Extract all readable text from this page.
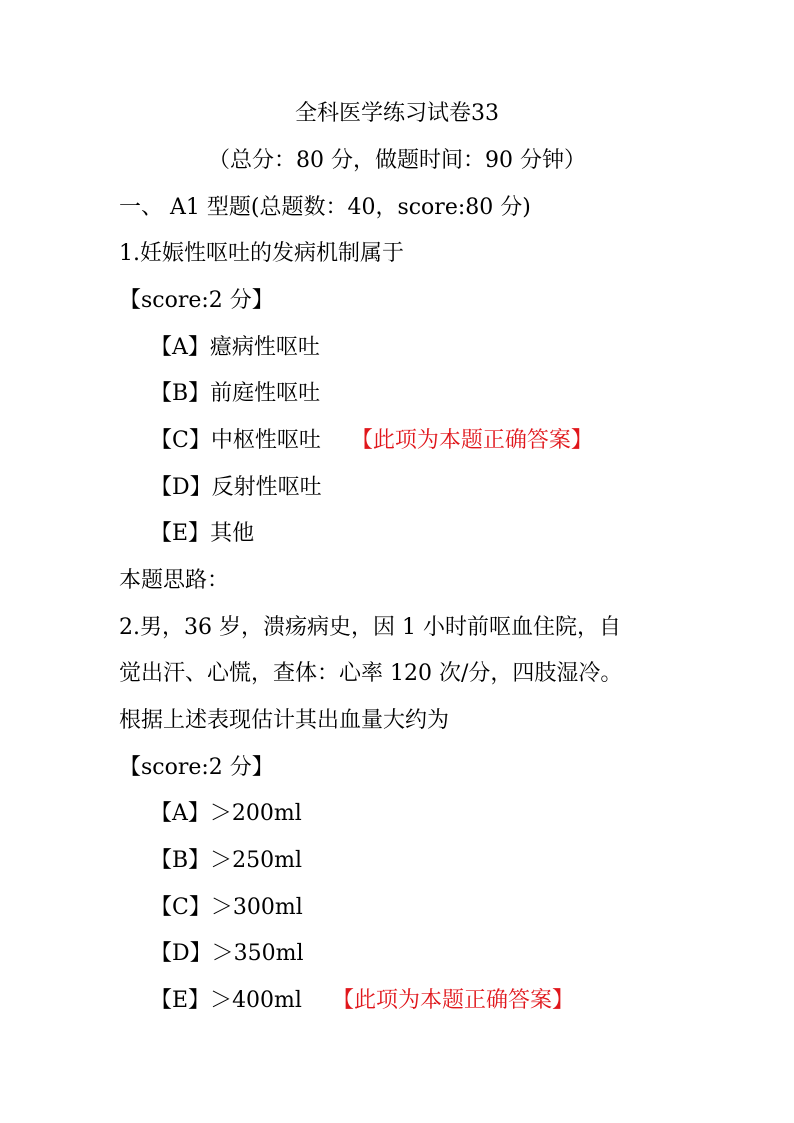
全科医学练习试卷33
（总分：80 分，做题时间：90 分钟）
一、 A1 型题(总题数：40，score:80 分)
1.妊娠性呕吐的发病机制属于
【score:2 分】
【A】癔病性呕吐
【B】前庭性呕吐
【C】中枢性呕吐 【此项为本题正确答案】
【D】反射性呕吐
【E】其他
本题思路：
2.男，36 岁，溃疡病史，因 1 小时前呕血住院，自
觉出汗、心慌，查体：心率 120 次/分，四肢湿冷。
根据上述表现估计其出血量大约为
【score:2 分】
【A】＞200ml
【B】＞250ml
【C】＞300ml
【D】＞350ml
【E】＞400ml 【此项为本题正确答案】
